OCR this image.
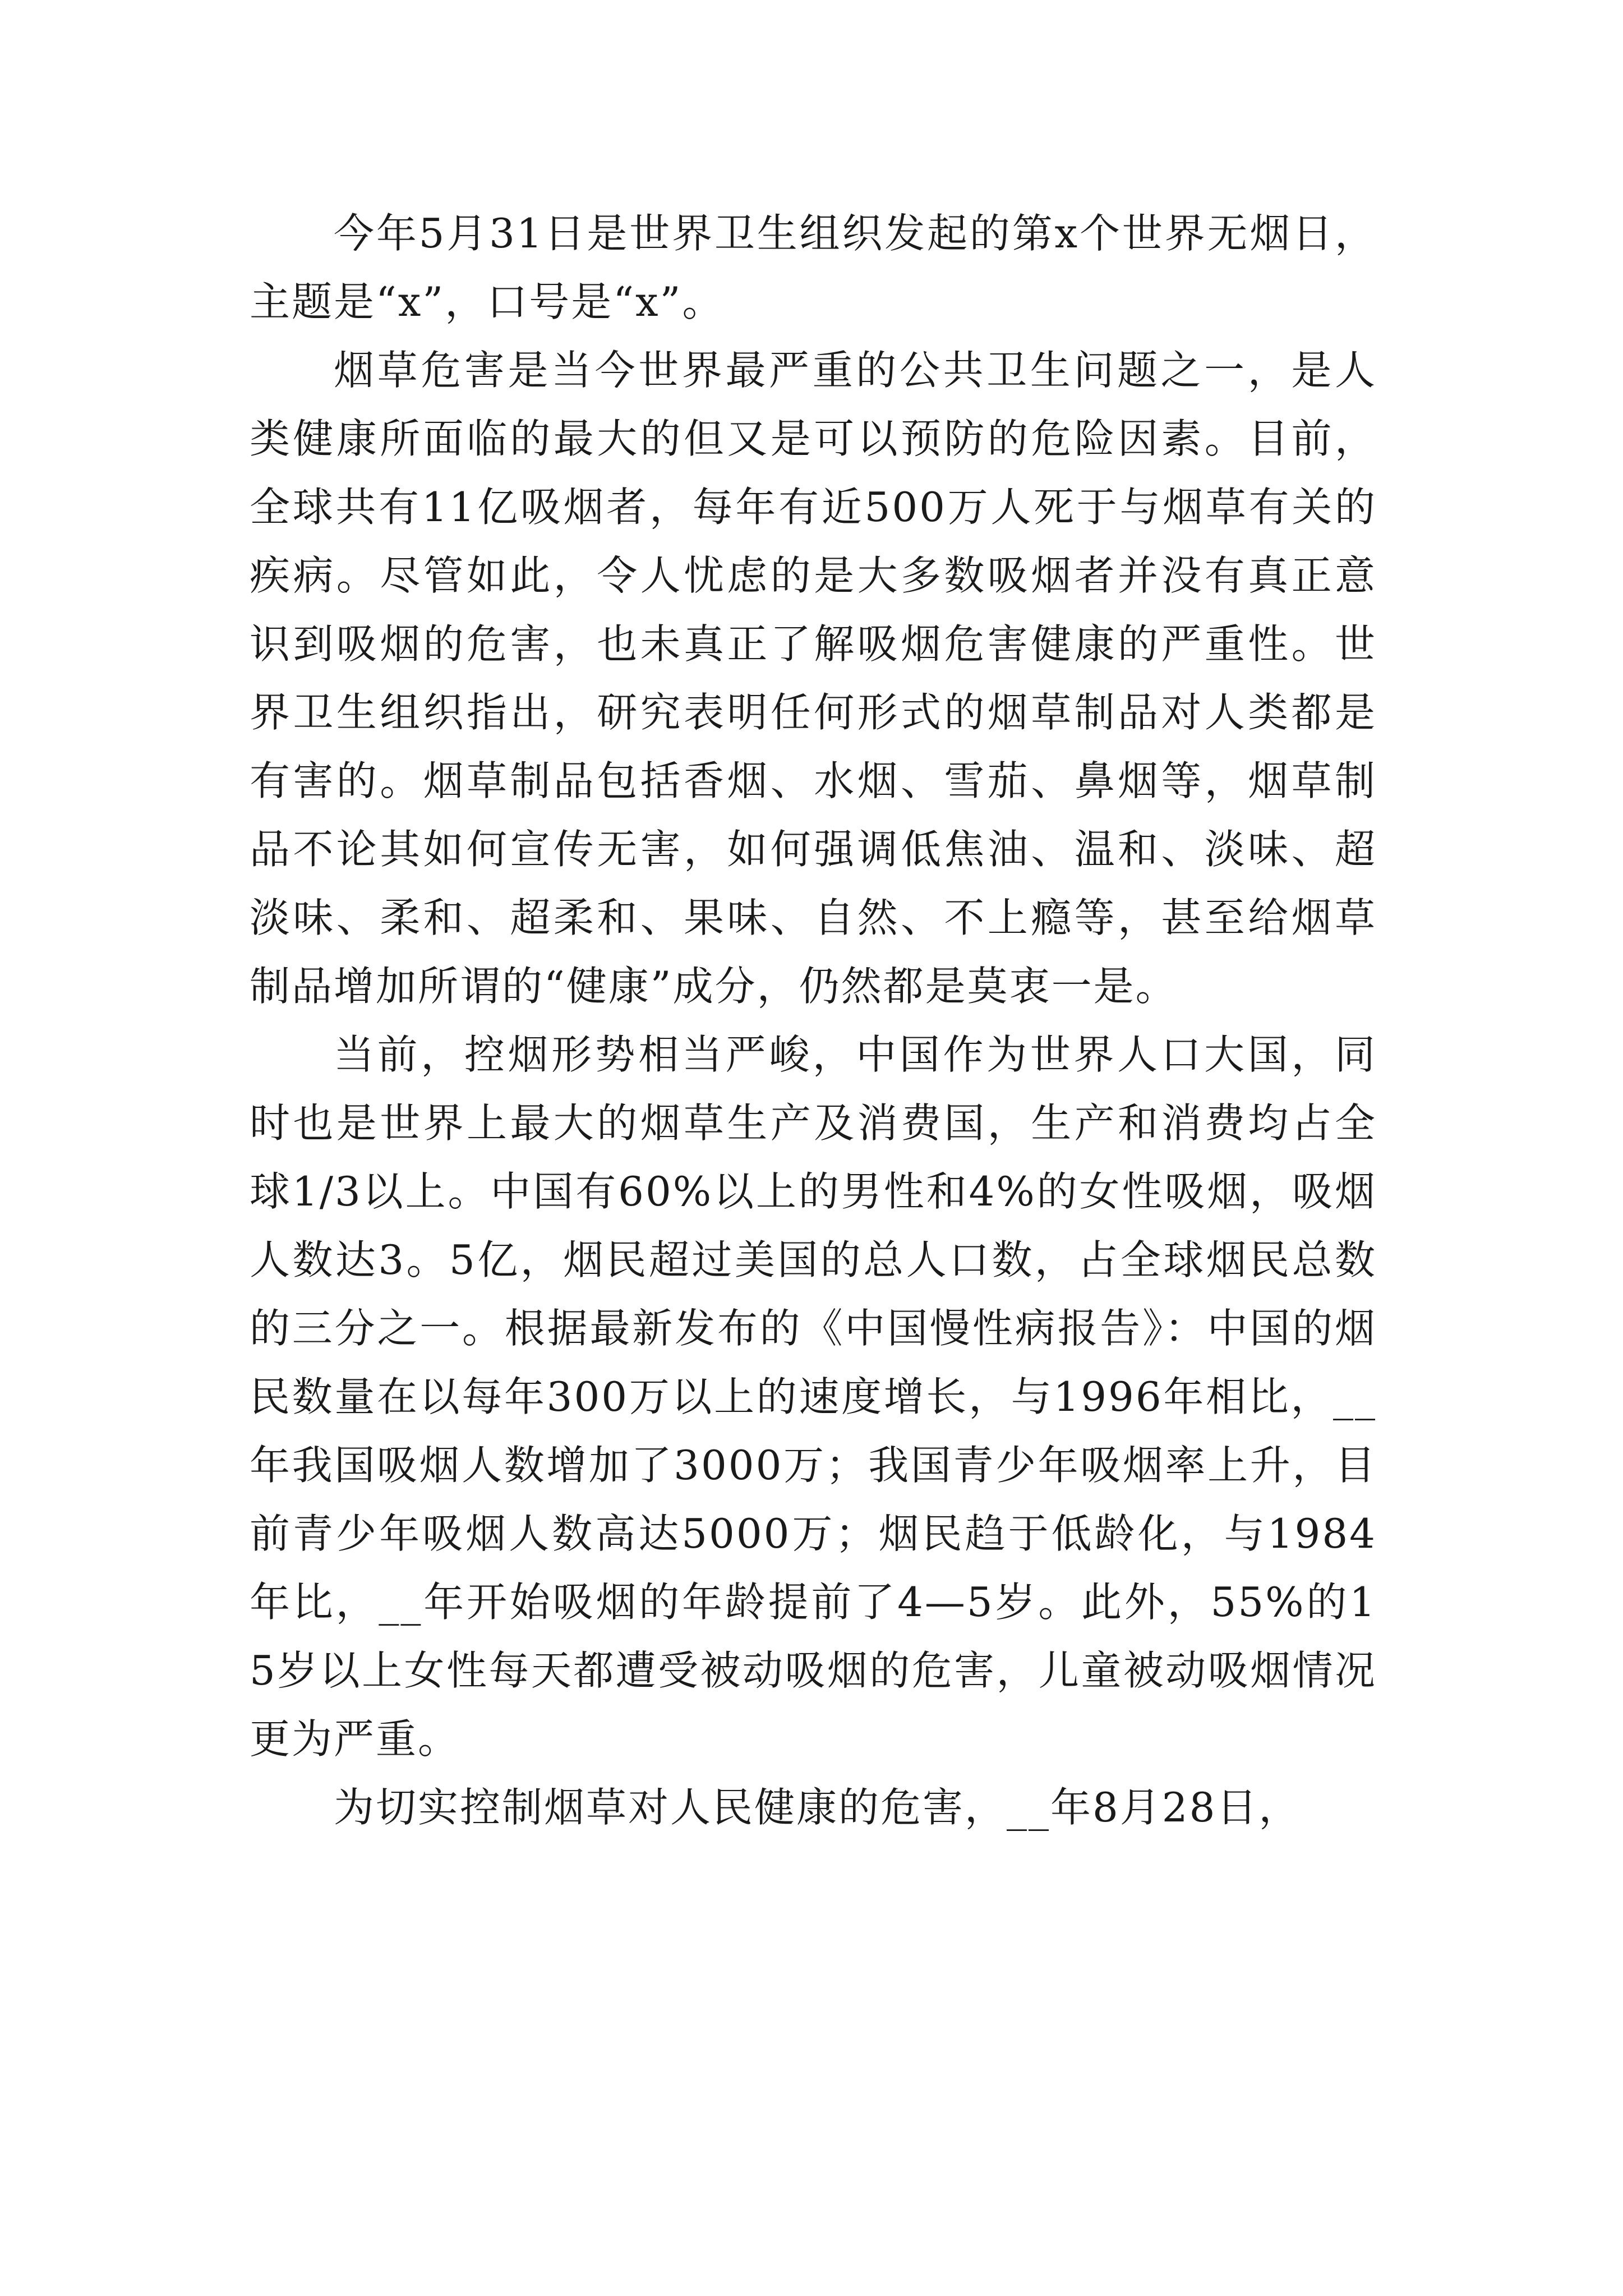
今年5月31日是世界卫生组织发起的第x个世界无烟日，主题是“x”，口号是“x”。

烟草危害是当今世界最严重的公共卫生问题之一，是人类健康所面临的最大的但又是可以预防的危险因素。目前，全球共有11亿吸烟者，每年有近500万人死于与烟草有关的疾病。尽管如此，令人忧虑的是大多数吸烟者并没有真正意识到吸烟的危害，也未真正了解吸烟危害健康的严重性。世界卫生组织指出，研究表明任何形式的烟草制品对人类都是有害的。烟草制品包括香烟、水烟、雪茄、鼻烟等，烟草制品不论其如何宣传无害，如何强调低焦油、温和、淡味、超淡味、柔和、超柔和、果味、自然、不上瘾等，甚至给烟草制品增加所谓的“健康”成分，仍然都是莫衷一是。

当前，控烟形势相当严峻，中国作为世界人口大国，同时也是世界上最大的烟草生产及消费国，生产和消费均占全球1/3以上。中国有60%以上的男性和4%的女性吸烟，吸烟人数达3。5亿，烟民超过美国的总人口数，占全球烟民总数的三分之一。根据最新发布的《中国慢性病报告》：中国的烟民数量在以每年300万以上的速度增长，与1996年相比，__年我国吸烟人数增加了3000万；我国青少年吸烟率上升，目前青少年吸烟人数高达5000万；烟民趋于低龄化，与1984年比，__年开始吸烟的年龄提前了4—5岁。此外，55%的15岁以上女性每天都遭受被动吸烟的危害，儿童被动吸烟情况更为严重。

为切实控制烟草对人民健康的危害，__年8月28日，
